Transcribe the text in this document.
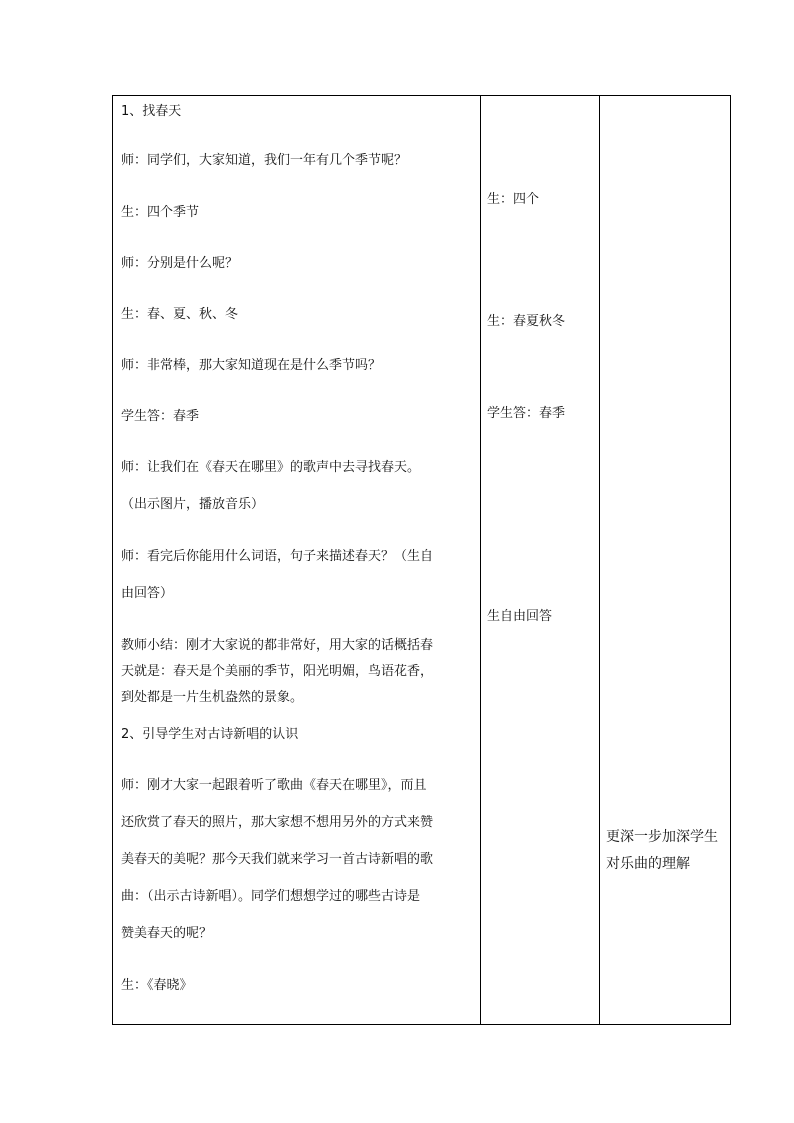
1、找春天
师：同学们，大家知道，我们一年有几个季节呢？
生：四个季节
师：分别是什么呢？
生：春、夏、秋、冬
师：非常棒，那大家知道现在是什么季节吗？
学生答：春季
师：让我们在《春天在哪里》的歌声中去寻找春天。
（出示图片，播放音乐）
师：看完后你能用什么词语，句子来描述春天？（生自
由回答）
教师小结：刚才大家说的都非常好，用大家的话概括春
天就是：春天是个美丽的季节，阳光明媚，鸟语花香，
到处都是一片生机盎然的景象。
2、引导学生对古诗新唱的认识
师：刚才大家一起跟着听了歌曲《春天在哪里》，而且
还欣赏了春天的照片，那大家想不想用另外的方式来赞
美春天的美呢？那今天我们就来学习一首古诗新唱的歌
曲：（出示古诗新唱）。同学们想想学过的哪些古诗是
赞美春天的呢？
生：《春晓》
生：四个
生：春夏秋冬
学生答：春季
生自由回答
更深一步加深学生对乐曲的理解
